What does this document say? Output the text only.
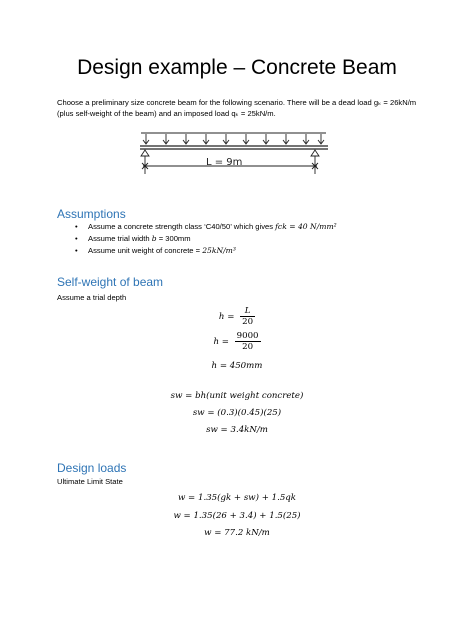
Design example – Concrete Beam
Choose a preliminary size concrete beam for the following scenario. There will be a dead load gₖ = 26kN/m (plus self-weight of the beam) and an imposed load qₖ = 25kN/m.
L = 9m
Assumptions
• Assume a concrete strength class ‘C40/50’ which gives fck = 40 N/mm²
• Assume trial width b = 300mm
• Assume unit weight of concrete = 25kN/m³
Self-weight of beam
Assume a trial depth
$h = \frac{L}{20}$
$h = \frac{9000}{20}$
h = 450mm
sw = bh(unit weight concrete)
sw = (0.3)(0.45)(25)
sw = 3.4kN/m
Design loads
Ultimate Limit State
w = 1.35(gk + sw) + 1.5qk
w = 1.35(26 + 3.4) + 1.5(25)
w = 77.2 kN/m
